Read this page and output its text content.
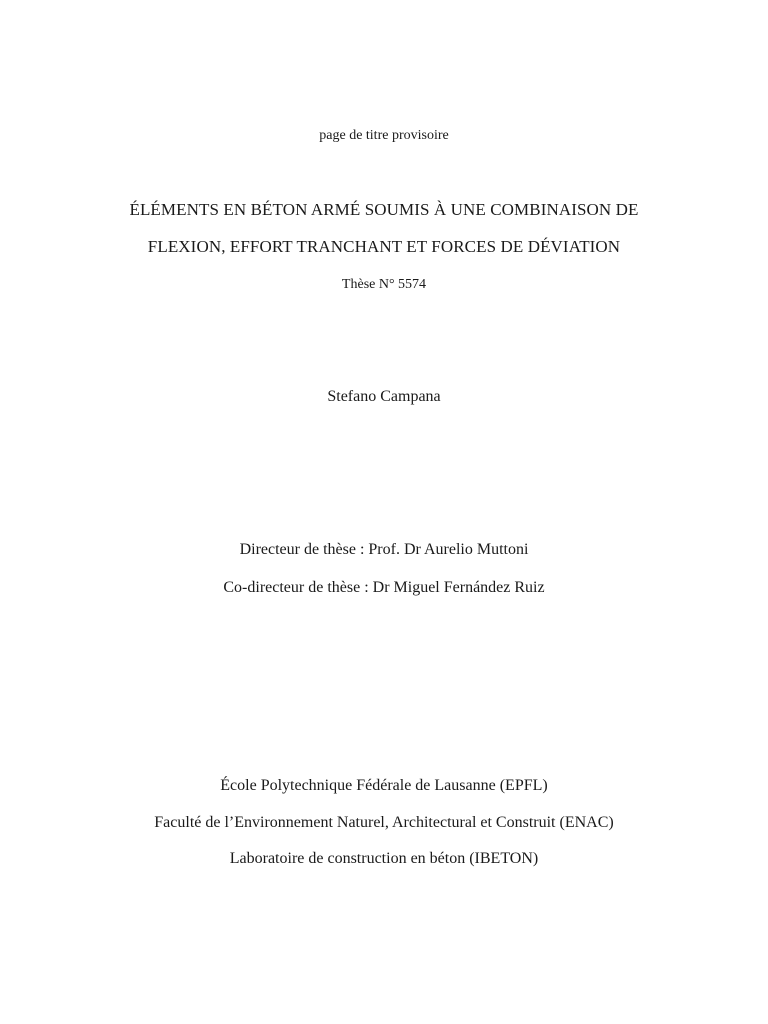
page de titre provisoire
ÉLÉMENTS EN BÉTON ARMÉ SOUMIS À UNE COMBINAISON DE
FLEXION, EFFORT TRANCHANT ET FORCES DE DÉVIATION
Thèse N° 5574
Stefano Campana
Directeur de thèse : Prof. Dr Aurelio Muttoni
Co-directeur de thèse : Dr Miguel Fernández Ruiz
École Polytechnique Fédérale de Lausanne (EPFL)
Faculté de l’Environnement Naturel, Architectural et Construit (ENAC)
Laboratoire de construction en béton (IBETON)
